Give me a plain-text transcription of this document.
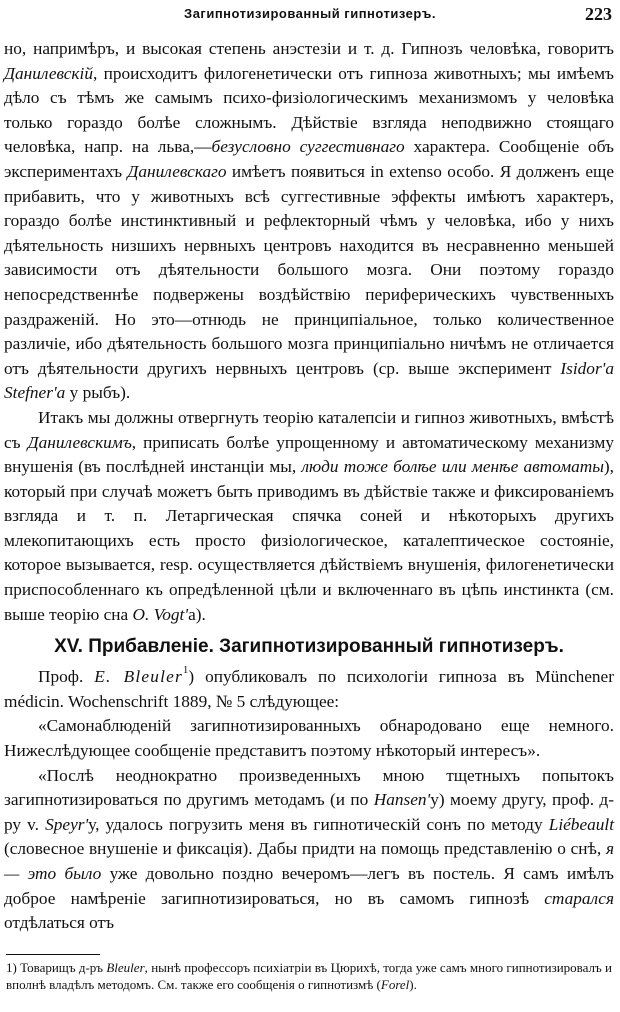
Загипнотизированный гипнотизеръ.	223

но, напримѣръ, и высокая степень анэстезіи и т. д. Гипнозъ человѣка, говоритъ Данилевскій, происходитъ филогенетически отъ гипноза животныхъ; мы имѣемъ дѣло съ тѣмъ же самымъ психо-физіологическимъ механизмомъ у человѣка только гораздо болѣе сложнымъ. Дѣйствіе взгляда неподвижно стоящаго человѣка, напр. на льва,—безусловно суггестивнаго характера. Сообщеніе объ экспериментахъ Данилевскаго имѣетъ появиться in extenso особо. Я долженъ еще прибавить, что у животныхъ всѣ суггестивные эффекты имѣютъ характеръ, гораздо болѣе инстинктивный и рефлекторный чѣмъ у человѣка, ибо у нихъ дѣятельность низшихъ нервныхъ центровъ находится въ несравненно меньшей зависимости отъ дѣятельности большого мозга. Они поэтому гораздо непосредственнѣе подвержены воздѣйствію периферическихъ чувственныхъ раздраженій. Но это—отнюдь не принципіальное, только количественное различіе, ибо дѣятельность большого мозга принципіально ничѣмъ не отличается отъ дѣятельности другихъ нервныхъ центровъ (ср. выше эксперимент Isidor'a Stefner'a у рыбъ).

Итакъ мы должны отвергнуть теорію каталепсіи и гипноз животныхъ, вмѣстѣ съ Данилевскимъ, приписать болѣе упрощенному и автоматическому механизму внушенія (въ послѣдней инстанціи мы, люди тоже болѣе или менѣе автоматы), который при случаѣ можетъ быть приводимъ въ дѣйствіе также и фиксированіемъ взгляда и т. п. Летаргическая спячка соней и нѣкоторыхъ другихъ млекопитающихъ есть просто физіологическое, каталептическое состояніе, которое вызывается, resp. осуществляется дѣйствіемъ внушенія, филогенетически приспособленнаго къ опредѣленной цѣли и включеннаго въ цѣпь инстинкта (см. выше теорію сна O. Vogt'a).

XV. Прибавленіе. Загипнотизированный гипнотизеръ.

Проф. E. Bleuler$^1$) опубликовалъ по психологіи гипноза въ Münchener médicin. Wochenschrift 1889, № 5 слѣдующее:

«Самонаблюденій загипнотизированныхъ обнародовано еще немного. Нижеслѣдующее сообщеніе представитъ поэтому нѣкоторый интересъ».

«Послѣ неоднократно произведенныхъ мною тщетныхъ попытокъ загипнотизироваться по другимъ методамъ (и по Hansen'у) моему другу, проф. д-ру v. Speyr'у, удалось погрузить меня въ гипнотическій сонъ по методу Liébeault (словесное внушеніе и фиксація). Дабы придти на помощь представленію о снѣ, я — это было уже довольно поздно вечеромъ—легъ въ постель. Я самъ имѣлъ доброе намѣреніе загипнотизироваться, но въ самомъ гипнозѣ старался отдѣлаться отъ

1) Товарищъ д-ръ Bleuler, нынѣ профессоръ психіатріи въ Цюрихѣ, тогда уже самъ много гипнотизировалъ и вполнѣ владѣлъ методомъ. См. также его сообщенія о гипнотизмѣ (Forel).
